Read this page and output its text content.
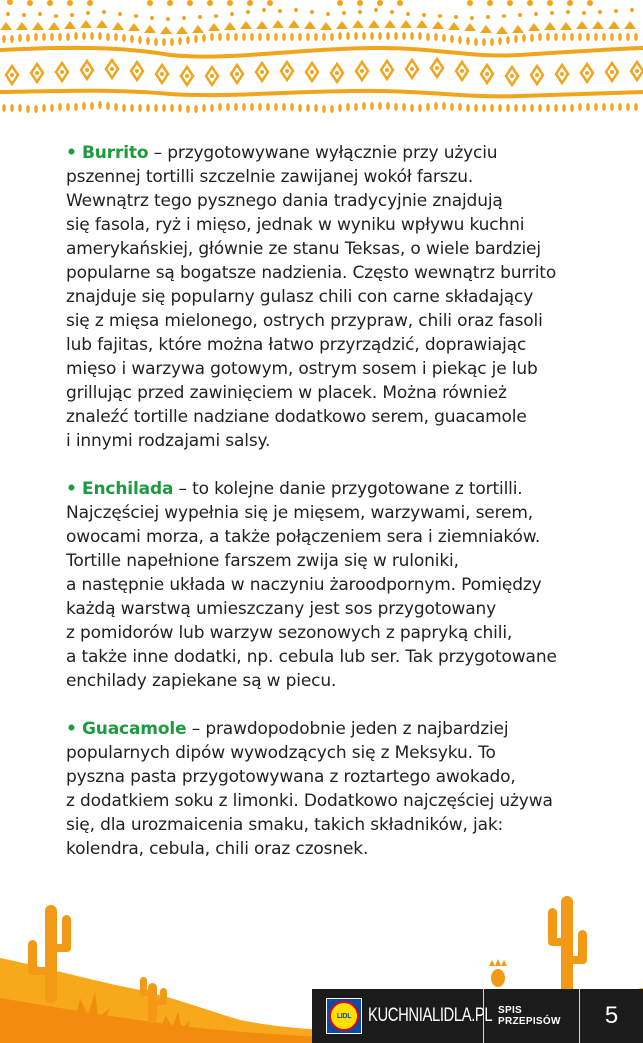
• Burrito – przygotowywane wyłącznie przy użyciu
pszennej tortilli szczelnie zawijanej wokół farszu.
Wewnątrz tego pysznego dania tradycyjnie znajdują
się fasola, ryż i mięso, jednak w wyniku wpływu kuchni
amerykańskiej, głównie ze stanu Teksas, o wiele bardziej
popularne są bogatsze nadzienia. Często wewnątrz burrito
znajduje się popularny gulasz chili con carne składający
się z mięsa mielonego, ostrych przypraw, chili oraz fasoli
lub fajitas, które można łatwo przyrządzić, doprawiając
mięso i warzywa gotowym, ostrym sosem i piekąc je lub
grillując przed zawinięciem w placek. Można również
znaleźć tortille nadziane dodatkowo serem, guacamole
i innymi rodzajami salsy.
• Enchilada – to kolejne danie przygotowane z tortilli.
Najczęściej wypełnia się je mięsem, warzywami, serem,
owocami morza, a także połączeniem sera i ziemniaków.
Tortille napełnione farszem zwija się w ruloniki,
a następnie układa w naczyniu żaroodpornym. Pomiędzy
każdą warstwą umieszczany jest sos przygotowany
z pomidorów lub warzyw sezonowych z papryką chili,
a także inne dodatki, np. cebula lub ser. Tak przygotowane
enchilady zapiekane są w piecu.
• Guacamole – prawdopodobnie jeden z najbardziej
popularnych dipów wywodzących się z Meksyku. To
pyszna pasta przygotowywana z roztartego awokado,
z dodatkiem soku z limonki. Dodatkowo najczęściej używa
się, dla urozmaicenia smaku, takich składników, jak:
kolendra, cebula, chili oraz czosnek.
LIDL KUCHNIALIDLA.PL SPIS
PRZEPISÓW	5
